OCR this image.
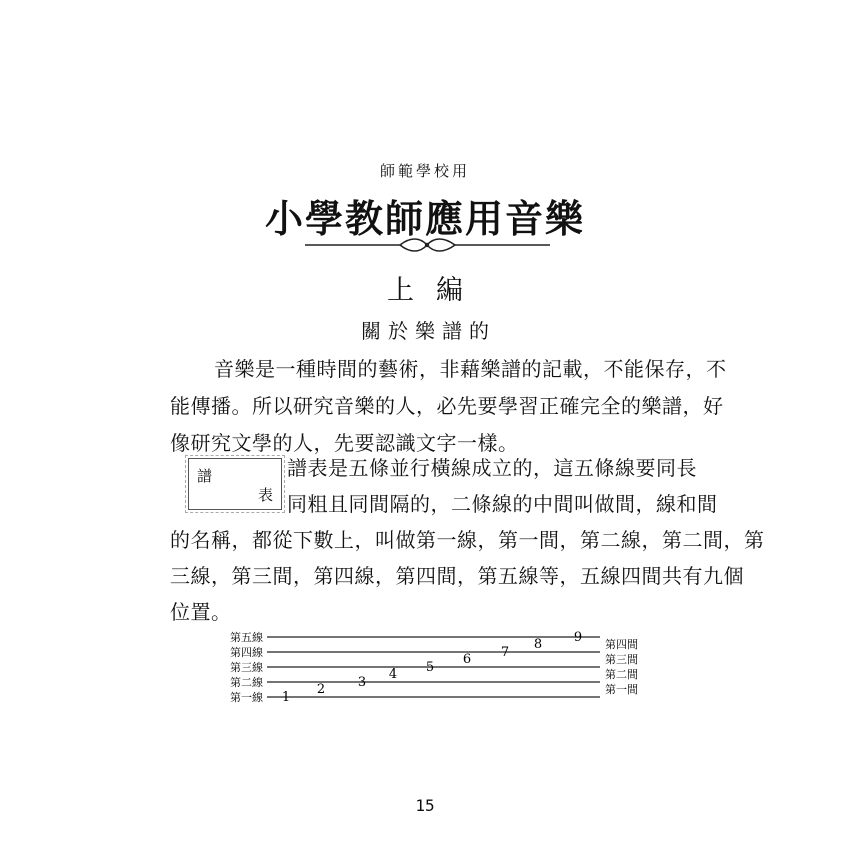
師範學校用
小學教師應用音樂
上編
關於樂譜的
音樂是一種時間的藝術，非藉樂譜的記載，不能保存，不
能傳播。所以研究音樂的人，必先要學習正確完全的樂譜，好
像研究文學的人，先要認識文字一樣。
譜
表
譜表是五條並行橫線成立的，這五條線要同長
同粗且同間隔的，二條線的中間叫做間，線和間
的名稱，都從下數上，叫做第一線，第一間，第二線，第二間，第
三線，第三間，第四線，第四間，第五線等，五線四間共有九個
位置。
第五線
第四線
第三線
第二線
第一線
第四間
第三間
第二間
第一間
1
2	3
4 5
6 7
8 9
15
